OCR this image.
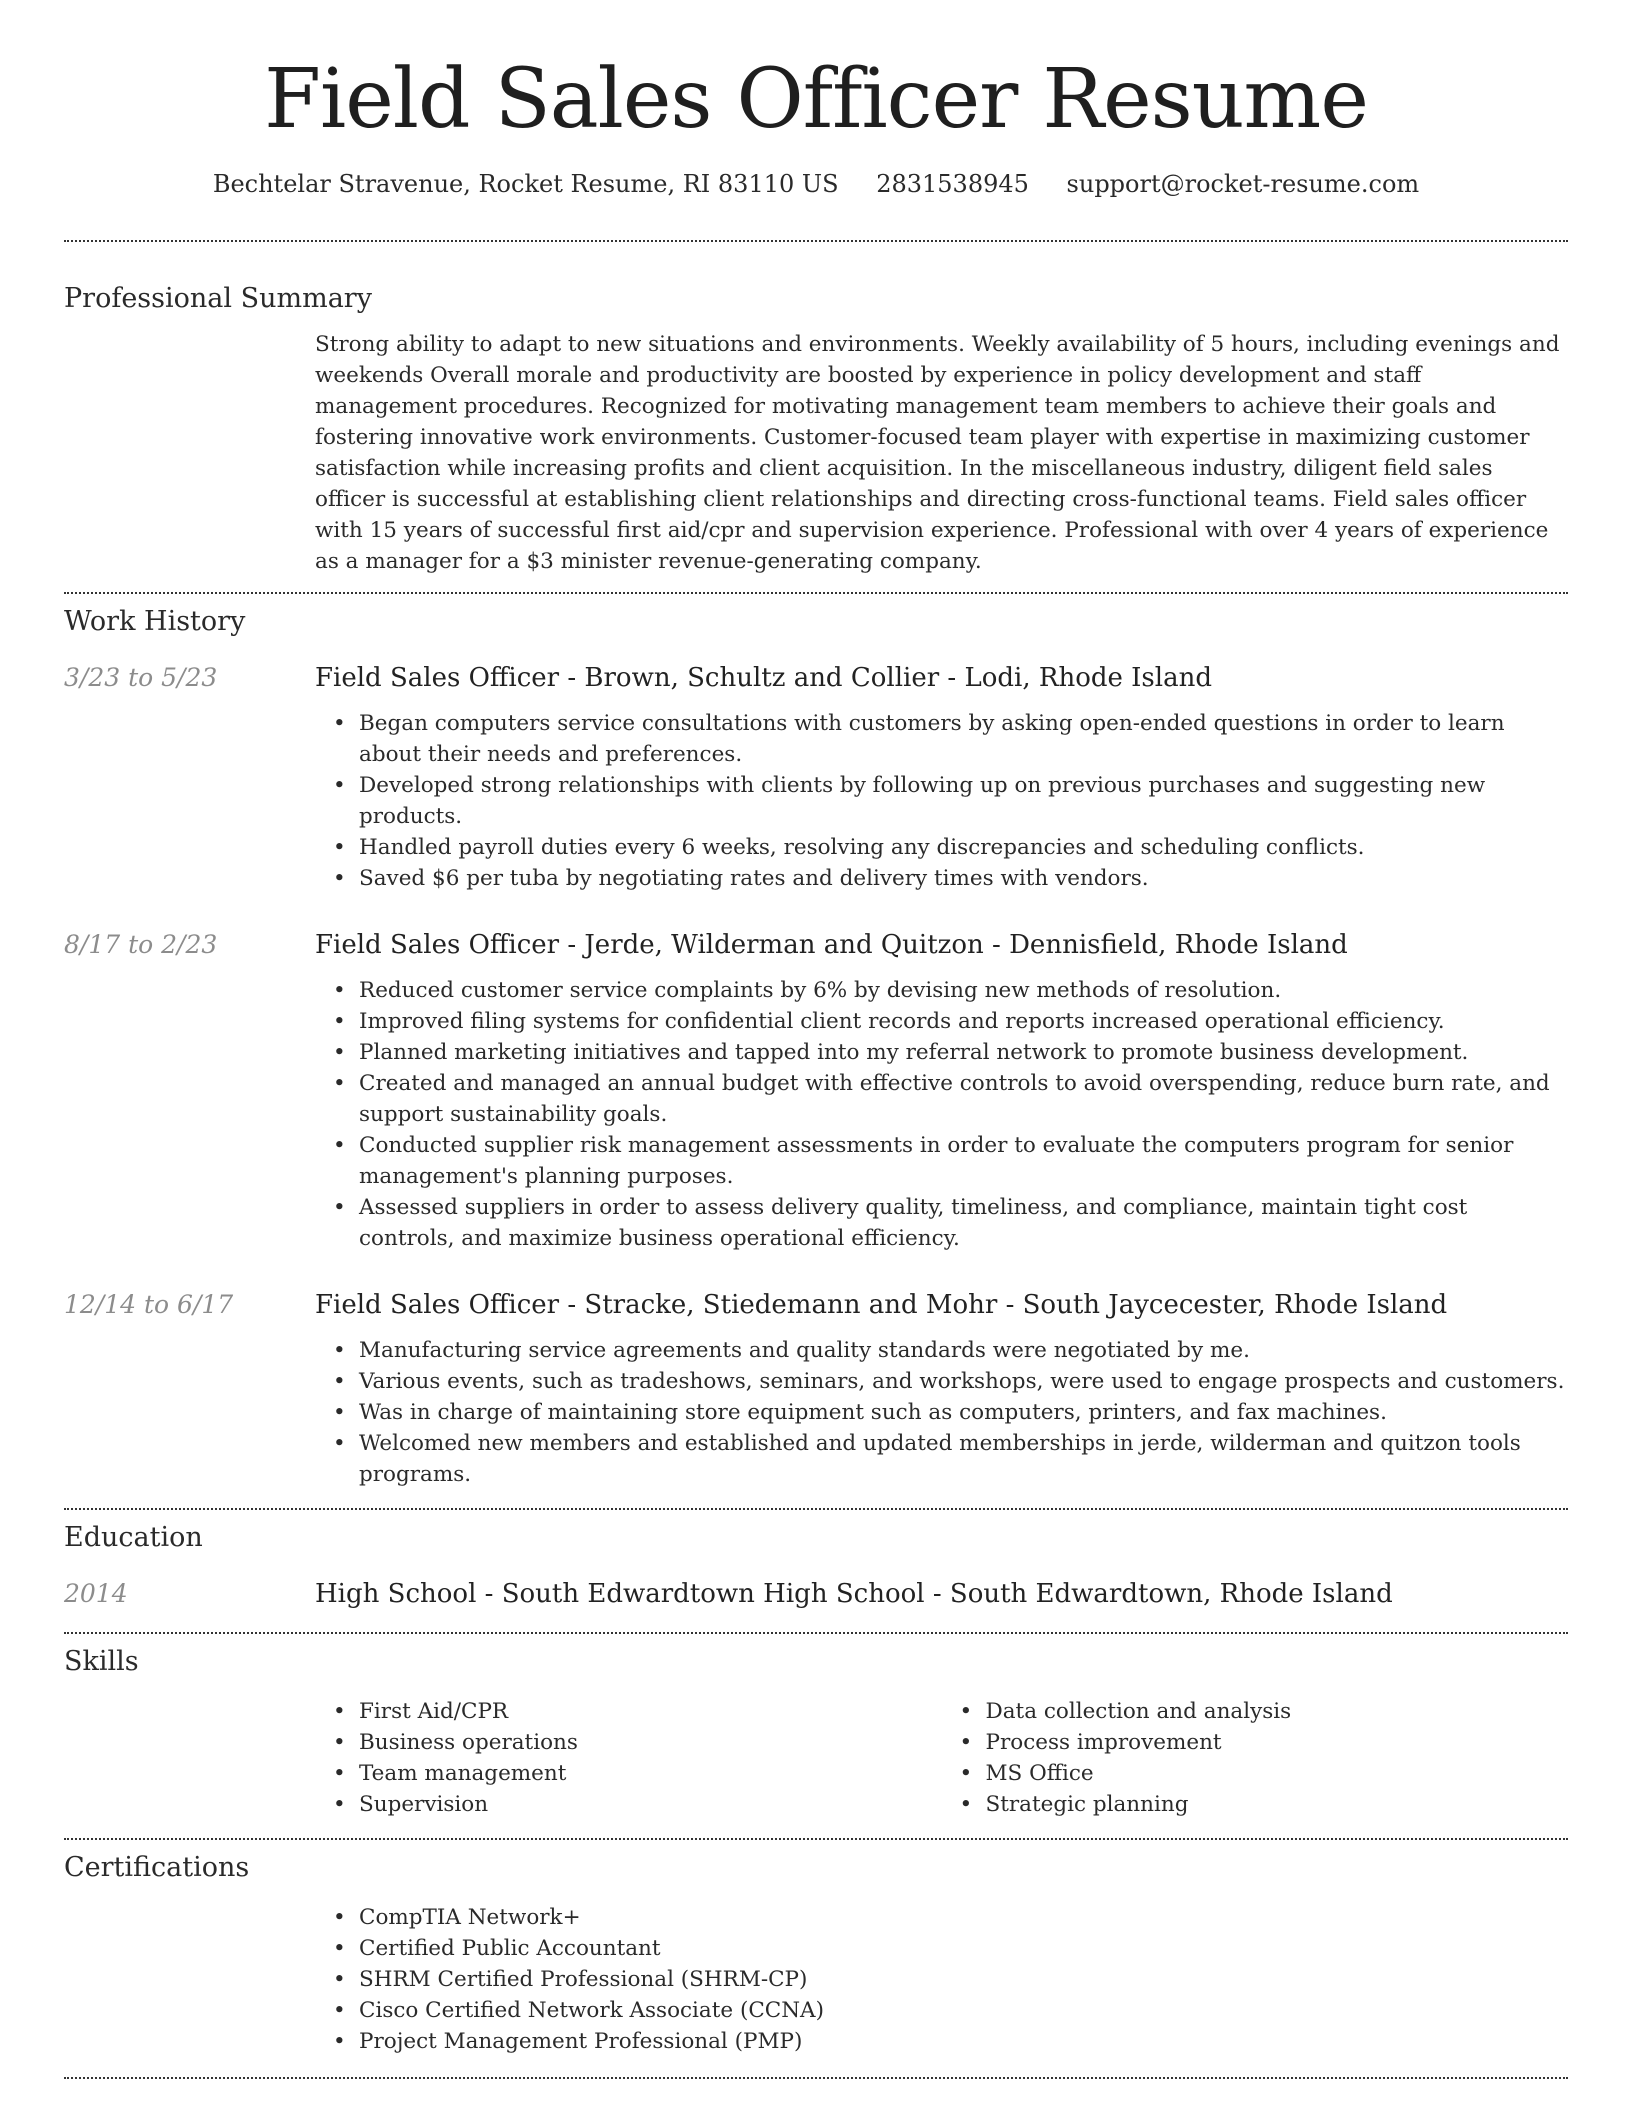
Field Sales Officer Resume
Bechtelar Stravenue, Rocket Resume, RI 83110 US 2831538945 support@rocket-resume.com
Professional Summary

Strong ability to adapt to new situations and environments. Weekly availability of 5 hours, including evenings and weekends Overall morale and productivity are boosted by experience in policy development and staff management procedures. Recognized for motivating management team members to achieve their goals and fostering innovative work environments. Customer-focused team player with expertise in maximizing customer satisfaction while increasing profits and client acquisition. In the miscellaneous industry, diligent field sales officer is successful at establishing client relationships and directing cross-functional teams. Field sales officer with 15 years of successful first aid/cpr and supervision experience. Professional with over 4 years of experience as a manager for a $3 minister revenue-generating company.

Work History
3/23 to 5/23	Field Sales Officer - Brown, Schultz and Collier - Lodi, Rhode Island

• Began computers service consultations with customers by asking open-ended questions in order to learn about their needs and preferences.
• Developed strong relationships with clients by following up on previous purchases and suggesting new products.
• Handled payroll duties every 6 weeks, resolving any discrepancies and scheduling conflicts.
• Saved $6 per tuba by negotiating rates and delivery times with vendors.
8/17 to 2/23	Field Sales Officer - Jerde, Wilderman and Quitzon - Dennisfield, Rhode Island

• Reduced customer service complaints by 6% by devising new methods of resolution.
• Improved filing systems for confidential client records and reports increased operational efficiency.
• Planned marketing initiatives and tapped into my referral network to promote business development.
• Created and managed an annual budget with effective controls to avoid overspending, reduce burn rate, and support sustainability goals.
• Conducted supplier risk management assessments in order to evaluate the computers program for senior management's planning purposes.
• Assessed suppliers in order to assess delivery quality, timeliness, and compliance, maintain tight cost controls, and maximize business operational efficiency.
12/14 to 6/17	Field Sales Officer - Stracke, Stiedemann and Mohr - South Jaycecester, Rhode Island

• Manufacturing service agreements and quality standards were negotiated by me.
• Various events, such as tradeshows, seminars, and workshops, were used to engage prospects and customers.
• Was in charge of maintaining store equipment such as computers, printers, and fax machines.
• Welcomed new members and established and updated memberships in jerde, wilderman and quitzon tools programs.
Education
2014	High School - South Edwardtown High School - South Edwardtown, Rhode Island

Skills
• First Aid/CPR
• Business operations
• Team management
• Supervision
• Data collection and analysis
• Process improvement
• MS Office
• Strategic planning
Certifications
• CompTIA Network+
• Certified Public Accountant
• SHRM Certified Professional (SHRM-CP)
• Cisco Certified Network Associate (CCNA)
• Project Management Professional (PMP)
